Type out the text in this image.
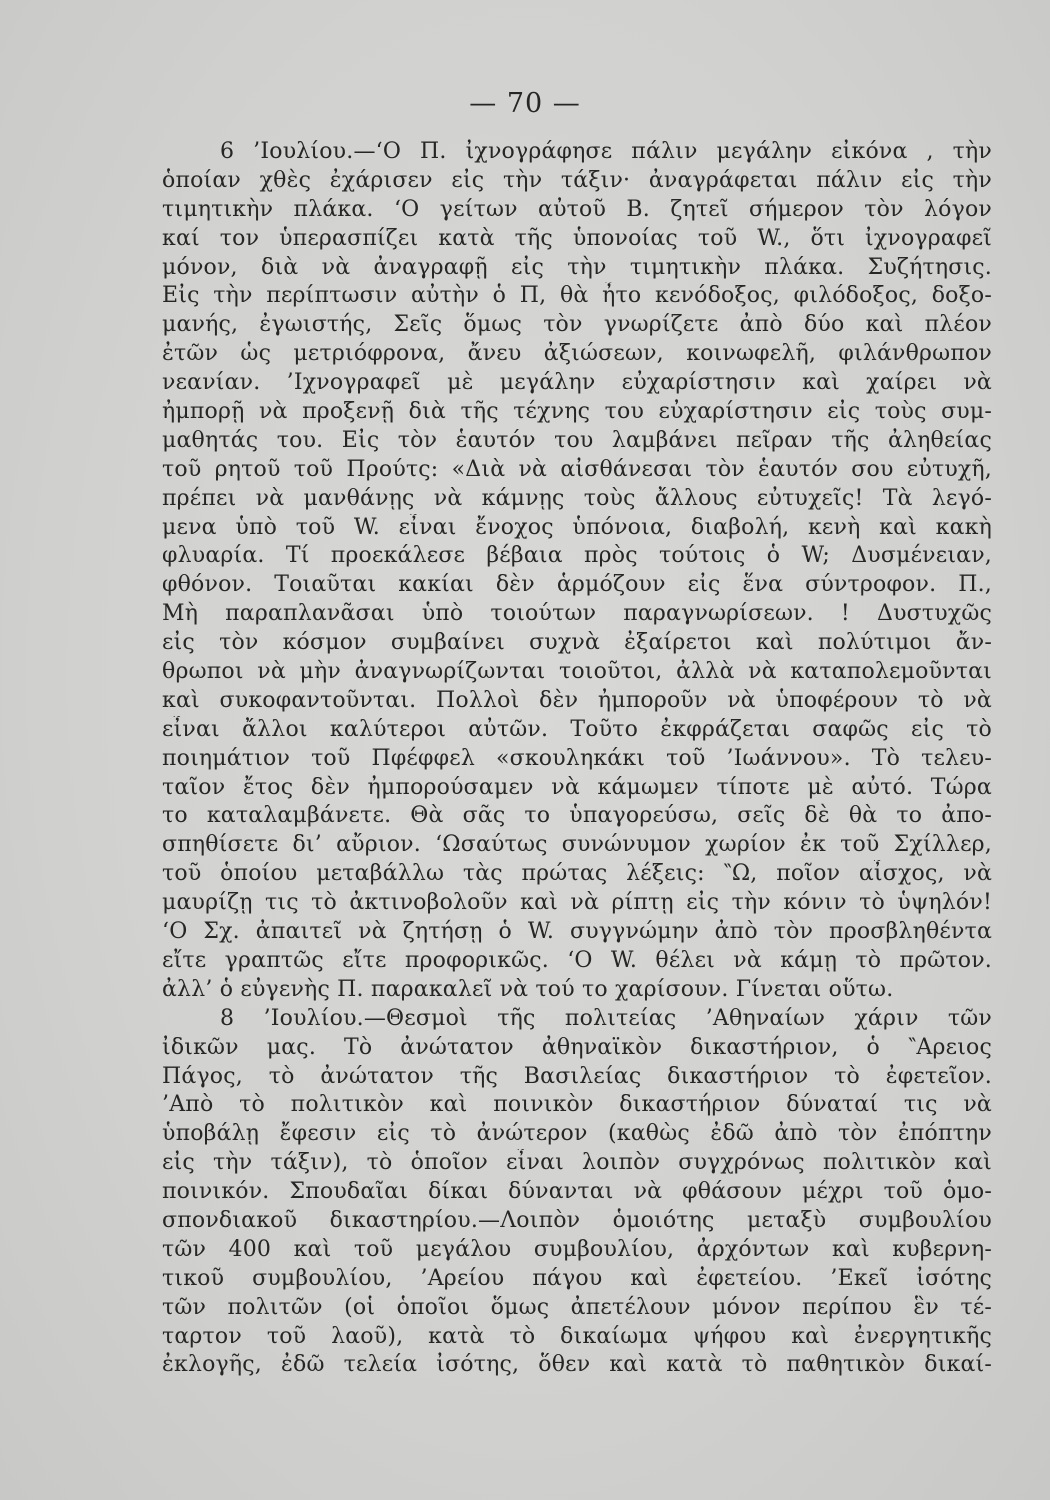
— 70 —
6 ’Ιουλίου.—‘Ο Π. ἰχνογράφησε πάλιν μεγάλην εἰκόνα , τὴν
ὁποίαν χθὲς ἐχάρισεν εἰς τὴν τάξιν· ἀναγράφεται πάλιν εἰς τὴν
τιμητικὴν πλάκα. ‘Ο γείτων αὐτοῦ Β. ζητεῖ σήμερον τὸν λόγον
καί τον ὑπερασπίζει κατὰ τῆς ὑπονοίας τοῦ W., ὅτι ἰχνογραφεῖ
μόνον, διὰ νὰ ἀναγραφῇ εἰς τὴν τιμητικὴν πλάκα. Συζήτησις.
Εἰς τὴν περίπτωσιν αὐτὴν ὁ Π, θὰ ἦτο κενόδοξος, φιλόδοξος, δοξο-
μανής, ἐγωιστής, Σεῖς ὅμως τὸν γνωρίζετε ἀπὸ δύο καὶ πλέον
ἐτῶν ὡς μετριόφρονα, ἄνευ ἀξιώσεων, κοινωφελῆ, φιλάνθρωπον
νεανίαν. ’Ιχνογραφεῖ μὲ μεγάλην εὐχαρίστησιν καὶ χαίρει νὰ
ἠμπορῇ νὰ προξενῇ διὰ τῆς τέχνης του εὐχαρίστησιν εἰς τοὺς συμ-
μαθητάς του. Εἰς τὸν ἑαυτόν του λαμβάνει πεῖραν τῆς ἀληθείας
τοῦ ρητοῦ τοῦ Προύτς: «Διὰ νὰ αἰσθάνεσαι τὸν ἑαυτόν σου εὐτυχῆ,
πρέπει νὰ μανθάνῃς νὰ κάμνῃς τοὺς ἄλλους εὐτυχεῖς! Τὰ λεγό-
μενα ὑπὸ τοῦ W. εἶναι ἔνοχος ὑπόνοια, διαβολή, κενὴ καὶ κακὴ
φλυαρία. Τί προεκάλεσε βέβαια πρὸς τούτοις ὁ W; Δυσμένειαν,
φθόνον. Τοιαῦται κακίαι δὲν ἁρμόζουν εἰς ἕνα σύντροφον. Π.,
Μὴ παραπλανᾶσαι ὑπὸ τοιούτων παραγνωρίσεων. ! Δυστυχῶς
εἰς τὸν κόσμον συμβαίνει συχνὰ ἐξαίρετοι καὶ πολύτιμοι ἄν-
θρωποι νὰ μὴν ἀναγνωρίζωνται τοιοῦτοι, ἀλλὰ νὰ καταπολεμοῦνται
καὶ συκοφαντοῦνται. Πολλοὶ δὲν ἠμποροῦν νὰ ὑποφέρουν τὸ νὰ
εἶναι ἄλλοι καλύτεροι αὐτῶν. Τοῦτο ἐκφράζεται σαφῶς εἰς τὸ
ποιημάτιον τοῦ Πφέφφελ «σκουληκάκι τοῦ ’Ιωάννου». Τὸ τελευ-
ταῖον ἔτος δὲν ἠμπορούσαμεν νὰ κάμωμεν τίποτε μὲ αὐτό. Τώρα
το καταλαμβάνετε. Θὰ σᾶς το ὑπαγορεύσω, σεῖς δὲ θὰ το ἀπο-
σπηθίσετε δι’ αὔριον. ‘Ωσαύτως συνώνυμον χωρίον ἐκ τοῦ Σχίλλερ,
τοῦ ὁποίου μεταβάλλω τὰς πρώτας λέξεις: ‶Ω, ποῖον αἶσχος, νὰ
μαυρίζῃ τις τὸ ἀκτινοβολοῦν καὶ νὰ ρίπτῃ εἰς τὴν κόνιν τὸ ὑψηλόν!
‘Ο Σχ. ἀπαιτεῖ νὰ ζητήσῃ ὁ W. συγγνώμην ἀπὸ τὸν προσβληθέντα
εἴτε γραπτῶς εἴτε προφορικῶς. ‘Ο W. θέλει νὰ κάμῃ τὸ πρῶτον.
ἀλλ’ ὁ εὐγενὴς Π. παρακαλεῖ νὰ τού το χαρίσουν. Γίνεται οὕτω.
8 ’Ιουλίου.—Θεσμοὶ τῆς πολιτείας ’Αθηναίων χάριν τῶν
ἰδικῶν μας. Τὸ ἀνώτατον ἀθηναϊκὸν δικαστήριον, ὁ ‶Αρειος
Πάγος, τὸ ἀνώτατον τῆς Βασιλείας δικαστήριον τὸ ἐφετεῖον.
’Απὸ τὸ πολιτικὸν καὶ ποινικὸν δικαστήριον δύναταί τις νὰ
ὑποβάλῃ ἔφεσιν εἰς τὸ ἀνώτερον (καθὼς ἐδῶ ἀπὸ τὸν ἐπόπτην
εἰς τὴν τάξιν), τὸ ὁποῖον εἶναι λοιπὸν συγχρόνως πολιτικὸν καὶ
ποινικόν. Σπουδαῖαι δίκαι δύνανται νὰ φθάσουν μέχρι τοῦ ὁμο-
σπονδιακοῦ δικαστηρίου.—Λοιπὸν ὁμοιότης μεταξὺ συμβουλίου
τῶν 400 καὶ τοῦ μεγάλου συμβουλίου, ἀρχόντων καὶ κυβερνη-
τικοῦ συμβουλίου, ’Αρείου πάγου καὶ ἐφετείου. ’Εκεῖ ἰσότης
τῶν πολιτῶν (οἱ ὁποῖοι ὅμως ἀπετέλουν μόνον περίπου ἓν τέ-
ταρτον τοῦ λαοῦ), κατὰ τὸ δικαίωμα ψήφου καὶ ἐνεργητικῆς
ἐκλογῆς, ἐδῶ τελεία ἰσότης, ὅθεν καὶ κατὰ τὸ παθητικὸν δικαί-
